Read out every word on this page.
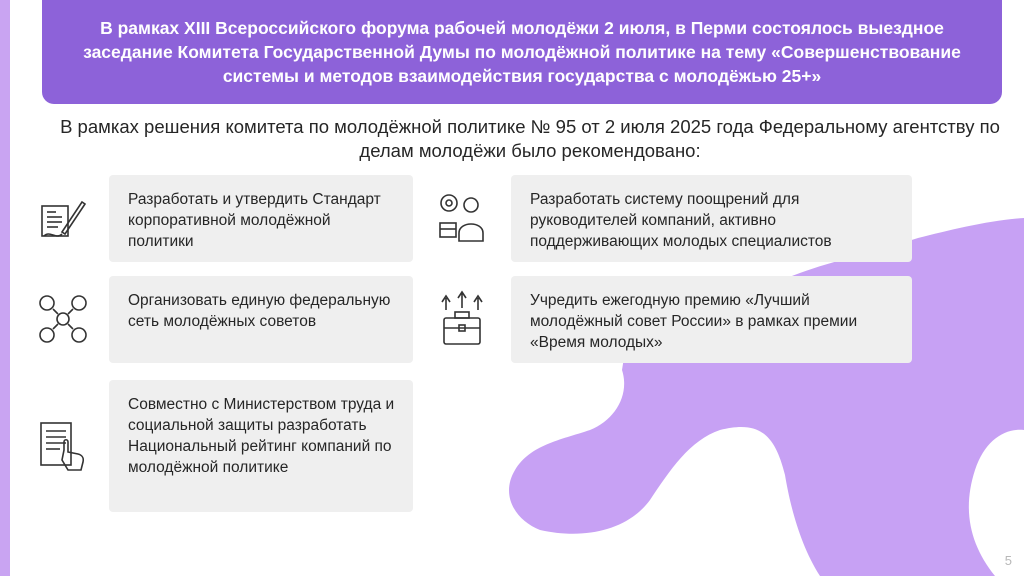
В рамках XIII Всероссийского форума рабочей молодёжи 2 июля, в Перми состоялось выездное заседание Комитета Государственной Думы по молодёжной политике на тему «Совершенствование системы и методов взаимодействия государства с молодёжью 25+»
В рамках решения комитета по молодёжной политике № 95 от 2 июля 2025 года Федеральному агентству по делам молодёжи было рекомендовано:
Разработать и утвердить Стандарт корпоративной молодёжной политики
Организовать единую федеральную сеть молодёжных советов
Совместно с Министерством труда и социальной защиты разработать Национальный рейтинг компаний по молодёжной политике
Разработать систему поощрений для руководителей компаний, активно поддерживающих молодых специалистов
Учредить ежегодную премию «Лучший молодёжный совет России» в рамках премии «Время молодых»
5
